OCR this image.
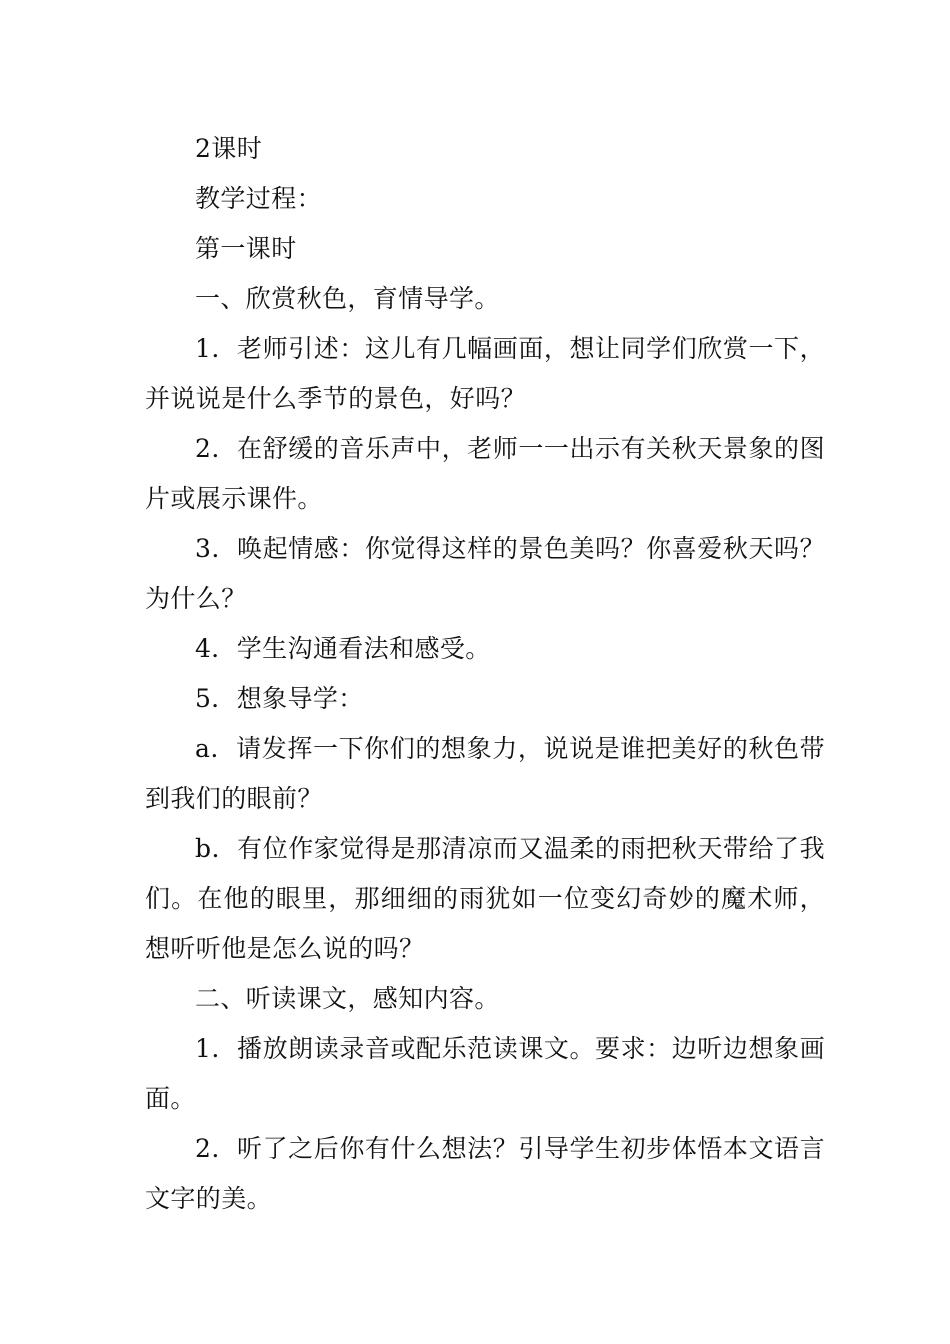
2课时

教学过程：

第一课时

一、欣赏秋色，育情导学。

1．老师引述：这儿有几幅画面，想让同学们欣赏一下，并说说是什么季节的景色，好吗？

2．在舒缓的音乐声中，老师一一出示有关秋天景象的图片或展示课件。

3．唤起情感：你觉得这样的景色美吗？你喜爱秋天吗？为什么？

4．学生沟通看法和感受。

5．想象导学：

a．请发挥一下你们的想象力，说说是谁把美好的秋色带到我们的眼前？

b．有位作家觉得是那清凉而又温柔的雨把秋天带给了我们。在他的眼里，那细细的雨犹如一位变幻奇妙的魔术师，想听听他是怎么说的吗？

二、听读课文，感知内容。

1．播放朗读录音或配乐范读课文。要求：边听边想象画面。

2．听了之后你有什么想法？引导学生初步体悟本文语言文字的美。
